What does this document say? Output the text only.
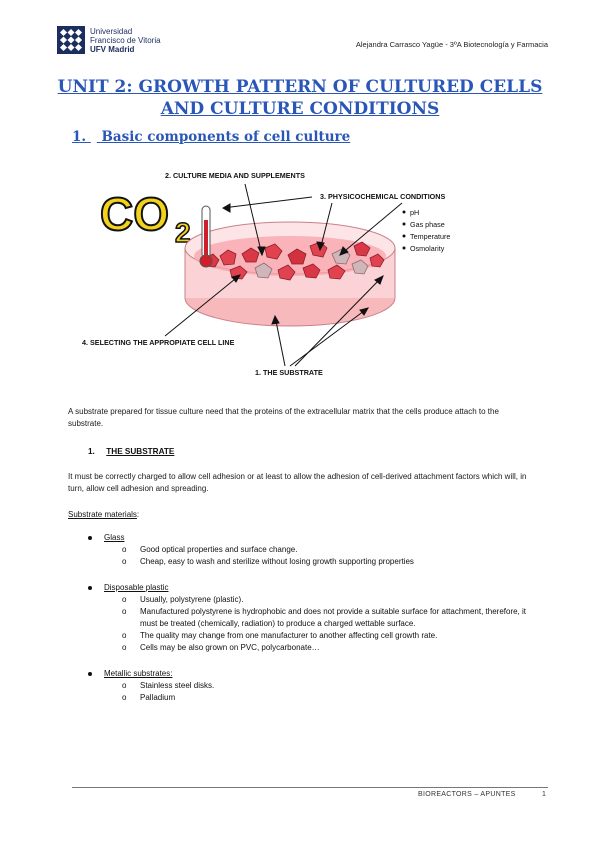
Universidad
Francisco de Vitoria
UFV Madrid
Alejandra Carrasco Yagüe - 3ºA Biotecnología y Farmacia
UNIT 2: GROWTH PATTERN OF CULTURED CELLS
AND CULTURE CONDITIONS
1. Basic components of cell culture
CO 2
2. CULTURE MEDIA AND SUPPLEMENTS
3. PHYSICOCHEMICAL CONDITIONS
pH
Gas phase
Temperature
Osmolarity
4. SELECTING THE APPROPIATE CELL LINE
1. THE SUBSTRATE
A substrate prepared for tissue culture need that the proteins of the extracellular matrix that the cells produce attach to the substrate.
1. THE SUBSTRATE
It must be correctly charged to allow cell adhesion or at least to allow the adhesion of cell-derived attachment factors which will, in turn, allow cell adhesion and spreading.
Substrate materials:
Glass
o Good optical properties and surface change.
o Cheap, easy to wash and sterilize without losing growth supporting properties
Disposable plastic
o Usually, polystyrene (plastic).
o Manufactured polystyrene is hydrophobic and does not provide a suitable surface for attachment, therefore, it must be treated (chemically, radiation) to produce a charged wettable surface.
o The quality may change from one manufacturer to another affecting cell growth rate.
o Cells may be also grown on PVC, polycarbonate…
Metallic substrates:
o Stainless steel disks.
o Palladium
BIOREACTORS – APUNTES	1
